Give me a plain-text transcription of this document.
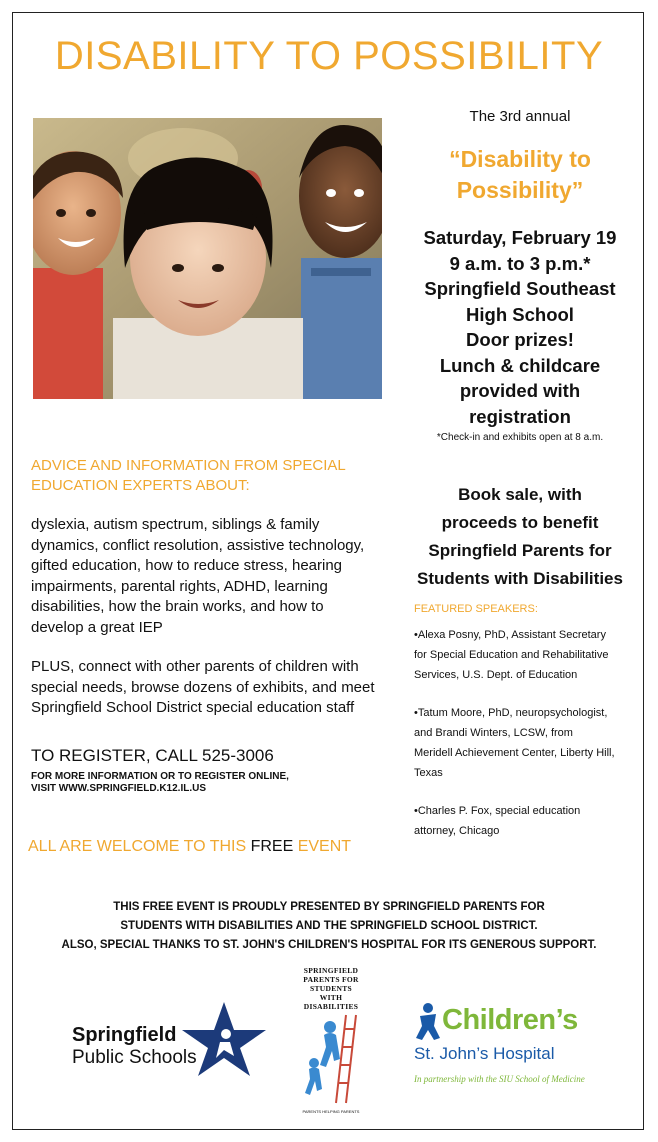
DISABILITY TO POSSIBILITY
The 3rd annual
“Disability to
Possibility”
Saturday, February 19
9 a.m. to 3 p.m.*
Springfield Southeast
High School
Door prizes!
Lunch & childcare
provided with
registration
*Check-in and exhibits open at 8 a.m.
Book sale, with
proceeds to benefit
Springfield Parents for
Students with Disabilities
ADVICE AND INFORMATION FROM SPECIAL
EDUCATION EXPERTS ABOUT:
dyslexia, autism spectrum, siblings & family
dynamics, conflict resolution, assistive technology,
gifted education, how to reduce stress, hearing
impairments, parental rights, ADHD, learning
disabilities, how the brain works, and how to
develop a great IEP
PLUS, connect with other parents of children with
special needs, browse dozens of exhibits, and meet
Springfield School District special education staff
TO REGISTER, CALL 525-3006
FOR MORE INFORMATION OR TO REGISTER ONLINE,
VISIT WWW.SPRINGFIELD.K12.IL.US
ALL ARE WELCOME TO THIS FREE EVENT
FEATURED SPEAKERS:

•Alexa Posny, PhD, Assistant Secretary
for Special Education and Rehabilitative
Services, U.S. Dept. of Education

•Tatum Moore, PhD, neuropsychologist,
and Brandi Winters, LCSW, from
Meridell Achievement Center, Liberty Hill,
Texas

•Charles P. Fox, special education
attorney, Chicago

THIS FREE EVENT IS PROUDLY PRESENTED BY SPRINGFIELD PARENTS FOR
STUDENTS WITH DISABILITIES AND THE SPRINGFIELD SCHOOL DISTRICT.
ALSO, SPECIAL THANKS TO ST. JOHN'S CHILDREN'S HOSPITAL FOR ITS GENEROUS SUPPORT.
Springfield
Public Schools
SPRINGFIELD
PARENTS FOR
STUDENTS
WITH
DISABILITIES
PARENTS HELPING PARENTS
Children’s
St. John’s Hospital
In partnership with the SIU School of Medicine
